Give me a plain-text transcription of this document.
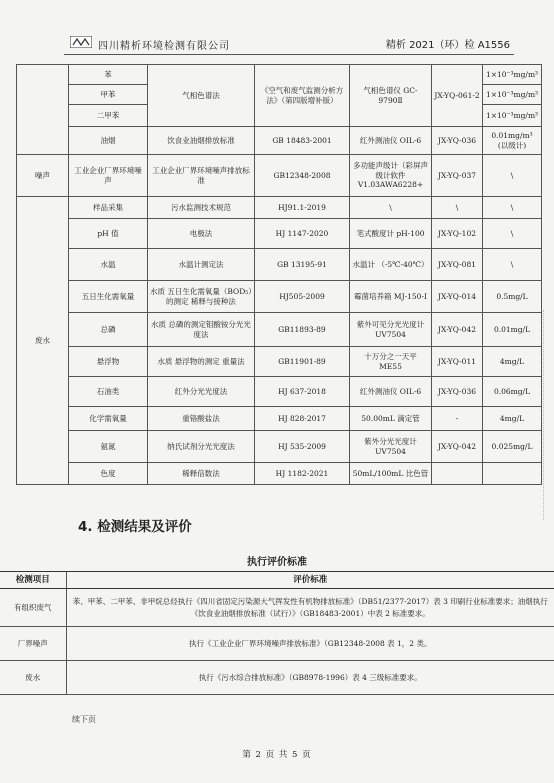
四川精析环境检测有限公司	精析 2021（环）检 A1556
	苯	气相色谱法	《空气和废气监测分析方法》（第四版增补版）	气相色谱仪 GC-9790Ⅱ	JX-YQ-061-2	1×10⁻³mg/m³
	甲苯					1×10⁻³mg/m³
	二甲苯					1×10⁻³mg/m³
	油烟	饮食业油烟排放标准	GB 18483-2001	红外测油仪 OIL-6	JX-YQ-036	0.01mg/m³ (以级计)
噪声	工业企业厂界环境噪声	工业企业厂界环境噪声排放标准	GB12348-2008	多功能声级计（彩屏声级计软件 V1.03AWA6228+	JX-YQ-037	\
废水	样品采集	污水监测技术规范	HJ91.1-2019	\	\	\
	pH 值	电极法	HJ 1147-2020	笔式酸度计 pH-100	JX-YQ-102	\
	水温	水温计测定法	GB 13195-91	水温计 （-5℃-40℃）	JX-YQ-081	\
	五日生化需氧量	水质 五日生化需氧量（BOD₅）的测定 稀释与接种法	HJ505-2009	霉菌培养箱 MJ-150-Ⅰ	JX-YQ-014	0.5mg/L
	总磷	水质 总磷的测定钼酸铵分光光度法	GB11893-89	紫外可见分光光度计 UV7504	JX-YQ-042	0.01mg/L
	悬浮物	水质 悬浮物的测定 重量法	GB11901-89	十万分之一天平 ME55	JX-YQ-011	4mg/L
	石油类	红外分光光度法	HJ 637-2018	红外测油仪 OIL-6	JX-YQ-036	0.06mg/L
	化学需氧量	重铬酸盐法	HJ 828-2017	50.00mL 滴定管	-	4mg/L
	氨氮	纳氏试剂分光光度法	HJ 535-2009	紫外分光光度计 UV7504	JX-YQ-042	0.025mg/L
	色度	稀释倍数法	HJ 1182-2021	50mL/100mL 比色管		
4. 检测结果及评价
执行评价标准
检测项目	评价标准
有组织废气	苯、甲苯、二甲苯、非甲烷总烃执行《四川省固定污染源大气挥发性有机物排放标准》（DB51/2377-2017）表 3 印刷行业标准要求；油烟执行《饮食业油烟排放标准（试行）》（GB18483-2001）中表 2 标准要求。
厂界噪声	执行《工业企业厂界环境噪声排放标准》（GB12348-2008 表 1，2 类。
废水	执行《污水综合排放标准》（GB8978-1996）表 4 三级标准要求。
续下页
第 2 页 共 5 页
